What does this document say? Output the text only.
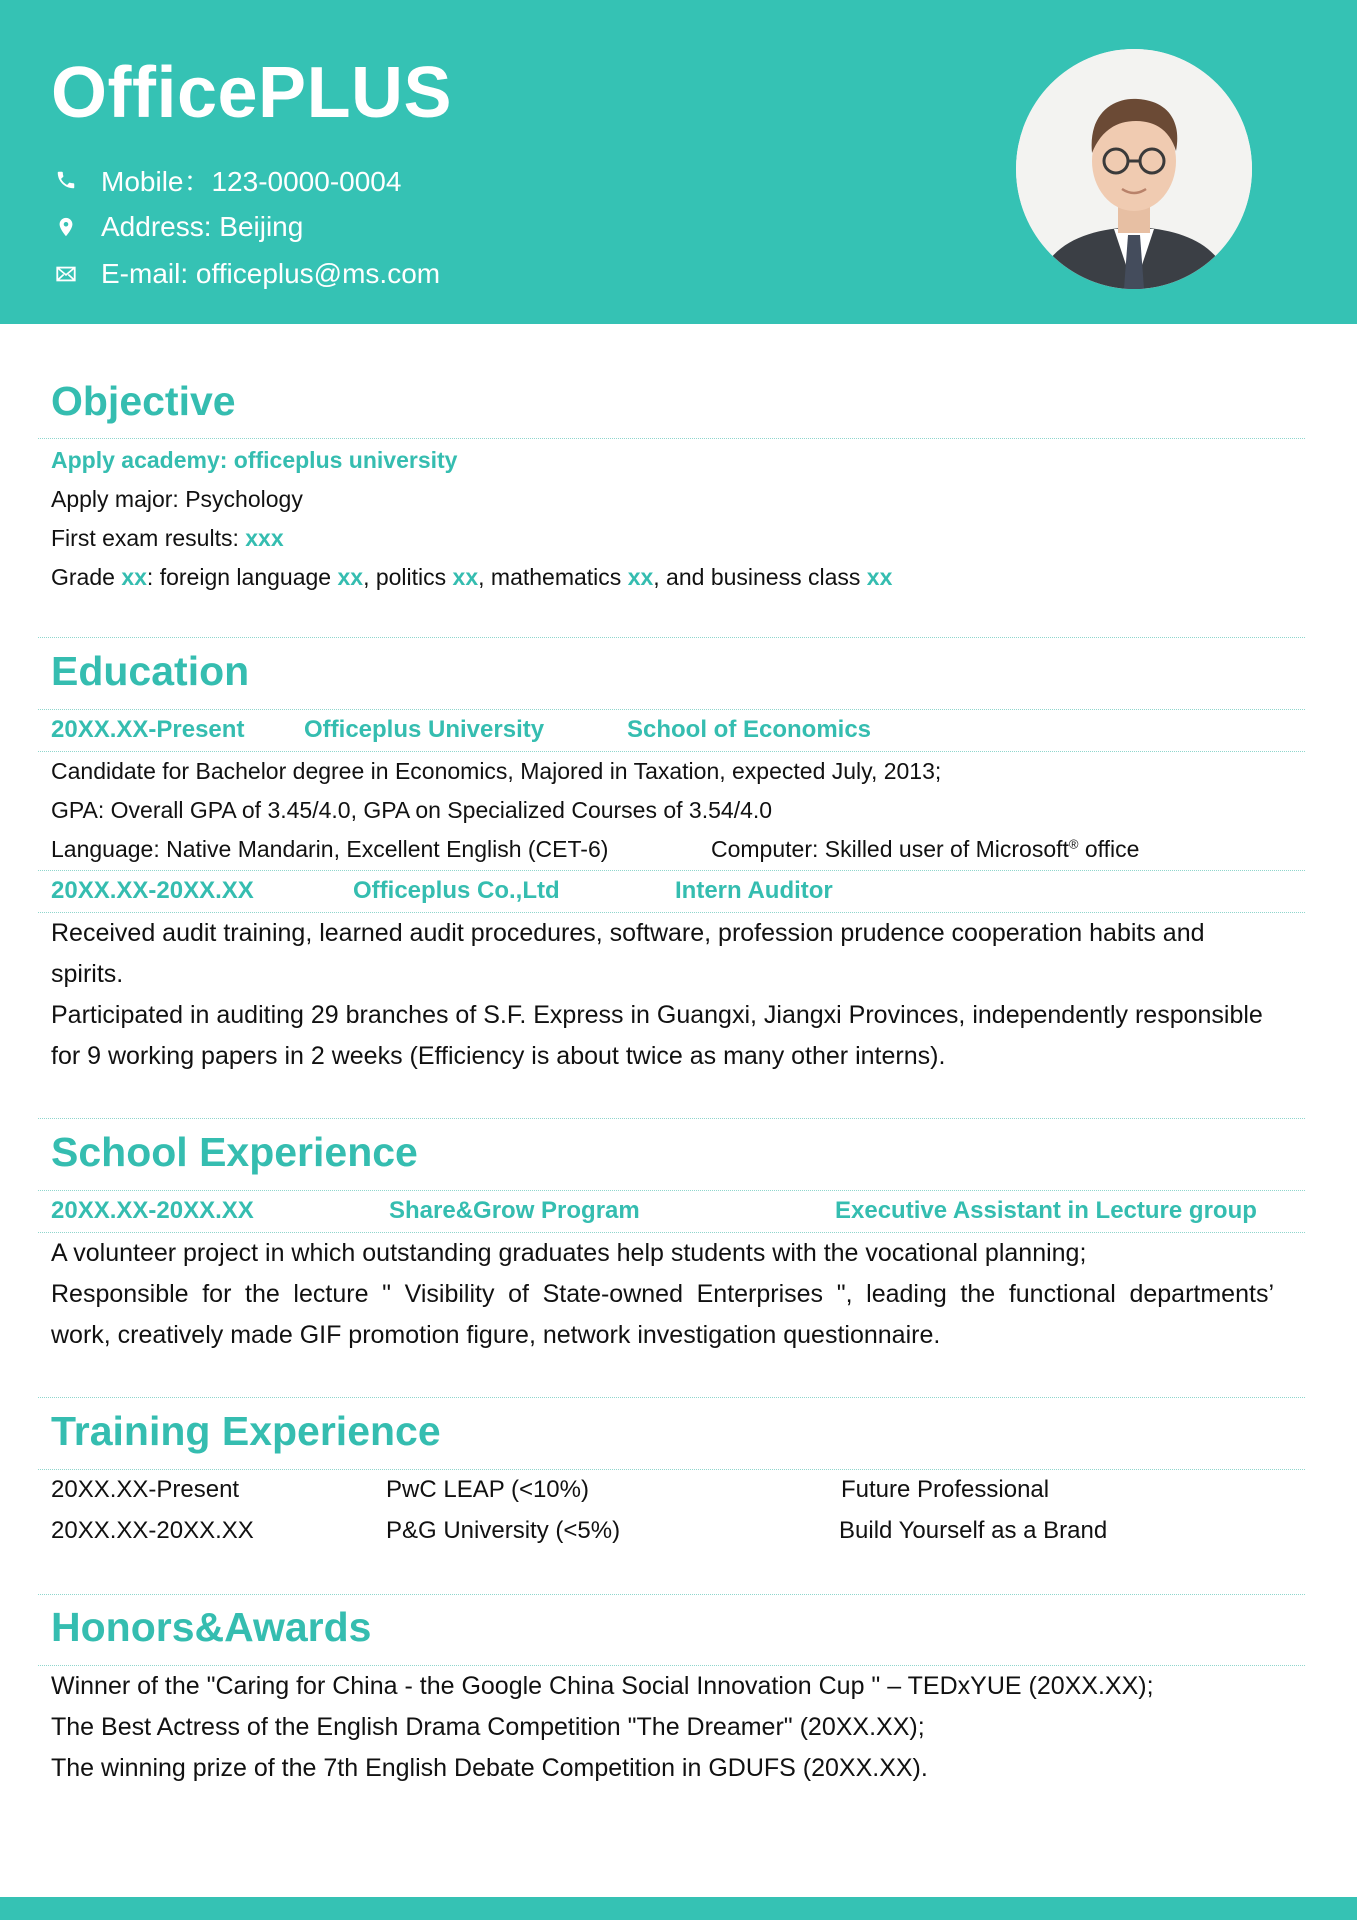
OfficePLUS
Mobile：123-0000-0004
Address: Beijing
E-mail: officeplus@ms.com
Objective
Apply academy: officeplus university
Apply major: Psychology
First exam results: xxx
Grade xx: foreign language xx, politics xx, mathematics xx, and business class xx
Education
20XX.XX-Present Officeplus University	School of Economics
Candidate for Bachelor degree in Economics, Majored in Taxation, expected July, 2013;
GPA: Overall GPA of 3.45/4.0, GPA on Specialized Courses of 3.54/4.0
Language: Native Mandarin, Excellent English (CET-6)	Computer: Skilled user of Microsoft® office
20XX.XX-20XX.XX	Officeplus Co.,Ltd	Intern Auditor
Received audit training, learned audit procedures, software, profession prudence cooperation habits and
spirits.
Participated in auditing 29 branches of S.F. Express in Guangxi, Jiangxi Provinces, independently responsible
for 9 working papers in 2 weeks (Efficiency is about twice as many other interns).
School Experience
20XX.XX-20XX.XX	Share&Grow Program	Executive Assistant in Lecture group
A volunteer project in which outstanding graduates help students with the vocational planning;
Responsible for the lecture " Visibility of State-owned Enterprises ", leading the functional departments’
work, creatively made GIF promotion figure, network investigation questionnaire.
Training Experience
20XX.XX-Present	PwC LEAP (<10%)	Future Professional
20XX.XX-20XX.XX	P&G University (<5%)	Build Yourself as a Brand
Honors&Awards
Winner of the "Caring for China - the Google China Social Innovation Cup " – TEDxYUE (20XX.XX);
The Best Actress of the English Drama Competition "The Dreamer" (20XX.XX);
The winning prize of the 7th English Debate Competition in GDUFS (20XX.XX).
